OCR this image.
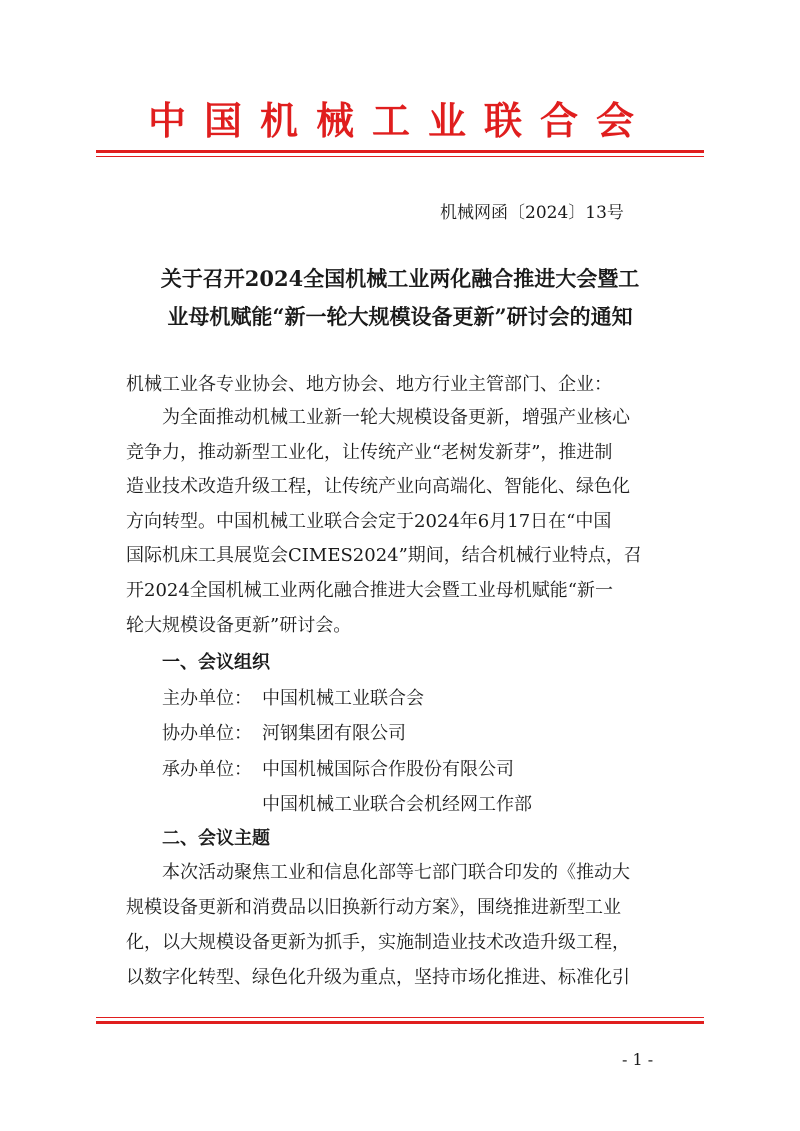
中国机械工业联合会
机械网函〔2024〕13号
关于召开2024全国机械工业两化融合推进大会暨工
业母机赋能“新一轮大规模设备更新”研讨会的通知
机械工业各专业协会、地方协会、地方行业主管部门、企业：
为全面推动机械工业新一轮大规模设备更新，增强产业核心
竞争力，推动新型工业化，让传统产业“老树发新芽”，推进制
造业技术改造升级工程，让传统产业向高端化、智能化、绿色化
方向转型。中国机械工业联合会定于2024年6月17日在“中国
国际机床工具展览会CIMES2024”期间，结合机械行业特点，召
开2024全国机械工业两化融合推进大会暨工业母机赋能“新一
轮大规模设备更新”研讨会。
一、会议组织
主办单位： 中国机械工业联合会
协办单位： 河钢集团有限公司
承办单位： 中国机械国际合作股份有限公司
中国机械工业联合会机经网工作部
二、会议主题
本次活动聚焦工业和信息化部等七部门联合印发的《推动大
规模设备更新和消费品以旧换新行动方案》，围绕推进新型工业
化，以大规模设备更新为抓手，实施制造业技术改造升级工程，
以数字化转型、绿色化升级为重点，坚持市场化推进、标准化引
- 1 -
